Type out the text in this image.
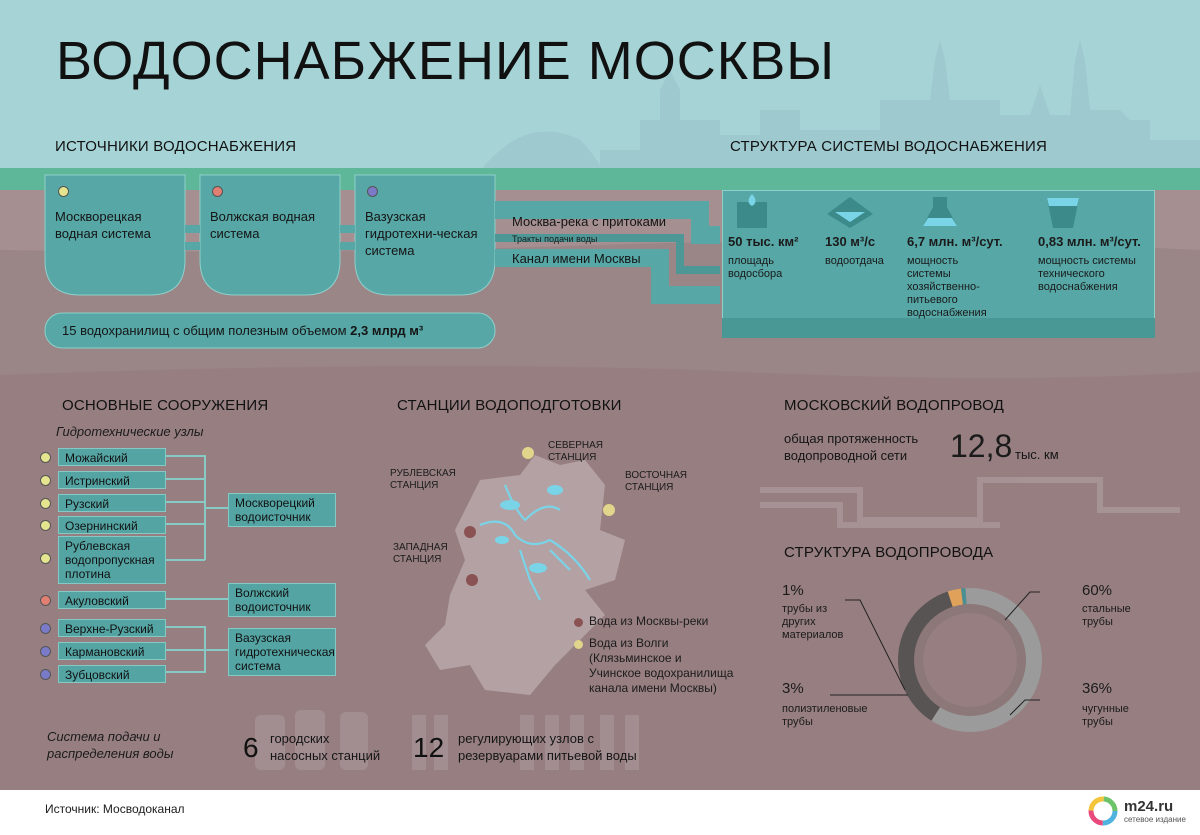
ВОДОСНАБЖЕНИЕ МОСКВЫ
ИСТОЧНИКИ ВОДОСНАБЖЕНИЯ
Москворецкая водная система
Волжская водная система
Вазузская гидротехни-ческая система
Москва-река с притоками
Тракты подачи воды
Канал имени Москвы
15 водохранилищ с общим полезным объемом 2,3 млрд м³
СТРУКТУРА СИСТЕМЫ ВОДОСНАБЖЕНИЯ
50 тыс. км²
площадь водосбора
130 м³/с
водоотдача
6,7 млн. м³/сут.
мощность системы хозяйственно-питьевого водоснабжения
0,83 млн. м³/сут.
мощность системы технического водоснабжения
ОСНОВНЫЕ СООРУЖЕНИЯ
Гидротехнические узлы
Можайский
Истринский
Рузский
Озернинский
Рублевская водопропускная плотина
Акуловский
Верхне-Рузский
Кармановский
Зубцовский
Москворецкий водоисточник
Волжский водоисточник
Вазузская гидротехническая система
Система подачи и распределения воды	6 городских насосных станций 12 регулирующих узлов с резервуарами питьевой воды
СТАНЦИИ ВОДОПОДГОТОВКИ
СЕВЕРНАЯ СТАНЦИЯ
РУБЛЕВСКАЯ СТАНЦИЯ
ВОСТОЧНАЯ СТАНЦИЯ
ЗАПАДНАЯ СТАНЦИЯ
Вода из Москвы-реки
Вода из Волги (Клязьминское и Учинское водохранилища канала имени Москвы)
МОСКОВСКИЙ ВОДОПРОВОД
общая протяженность водопроводной сети	12,8 тыс. км
СТРУКТУРА ВОДОПРОВОДА
1%
трубы из других материалов
60%
стальные трубы
3%
полиэтиленовые трубы
36%
чугунные трубы
Источник: Мосводоканал	m24.ru
сетевое издание
